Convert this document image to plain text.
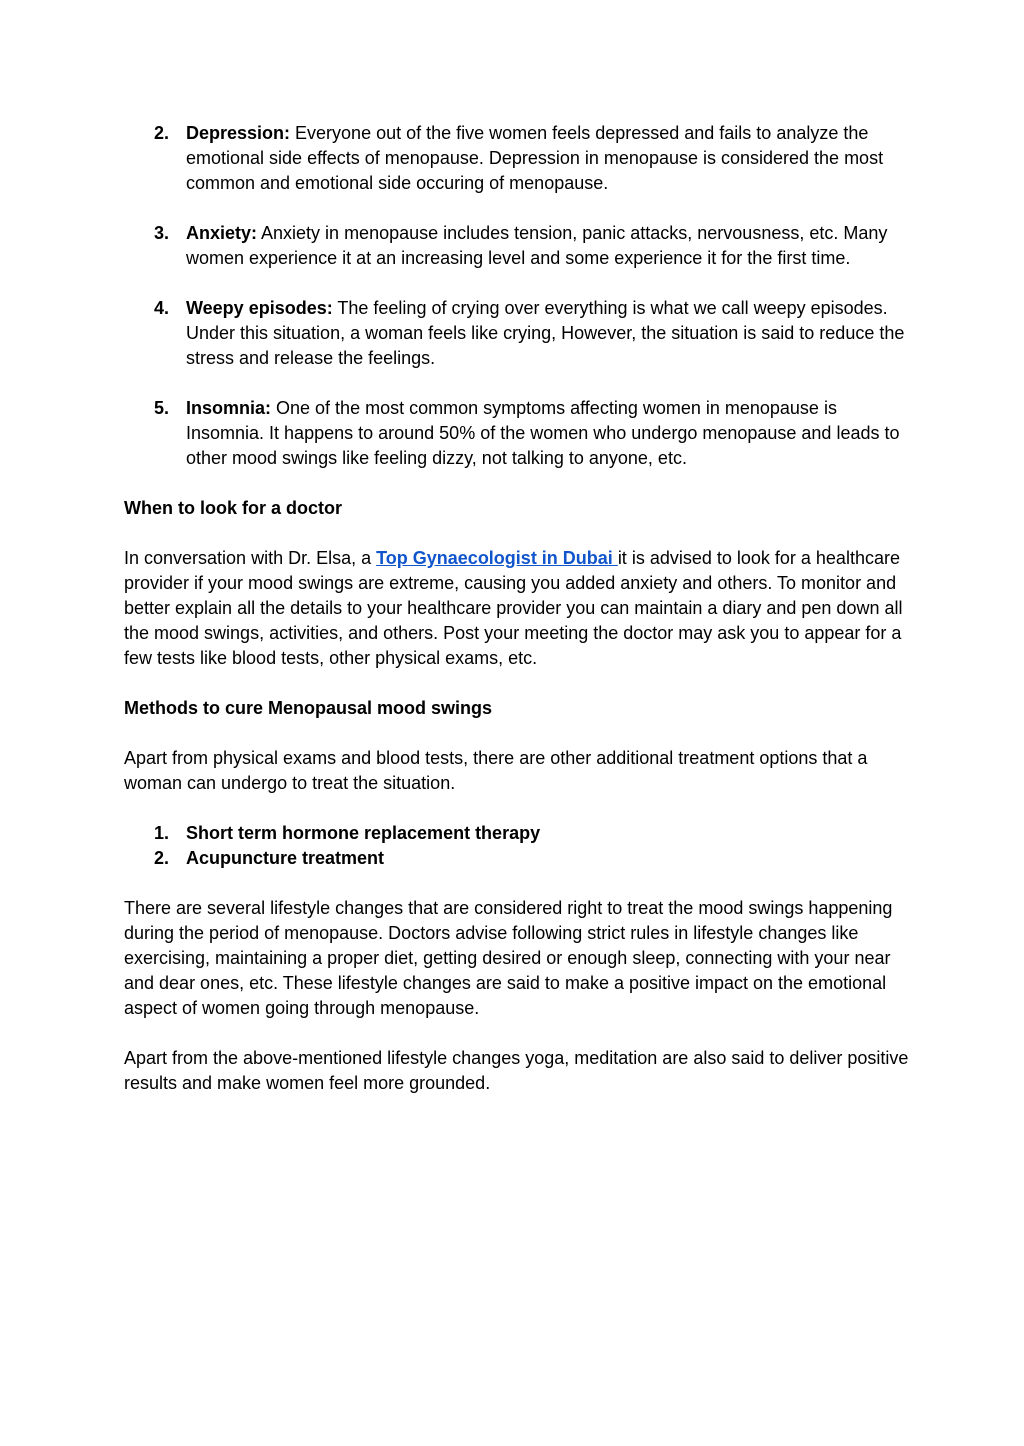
2. Depression: Everyone out of the five women feels depressed and fails to analyze the emotional side effects of menopause. Depression in menopause is considered the most common and emotional side occuring of menopause.
3. Anxiety: Anxiety in menopause includes tension, panic attacks, nervousness, etc. Many women experience it at an increasing level and some experience it for the first time.
4. Weepy episodes: The feeling of crying over everything is what we call weepy episodes. Under this situation, a woman feels like crying, However, the situation is said to reduce the stress and release the feelings.
5. Insomnia: One of the most common symptoms affecting women in menopause is Insomnia. It happens to around 50% of the women who undergo menopause and leads to other mood swings like feeling dizzy, not talking to anyone, etc.

When to look for a doctor

In conversation with Dr. Elsa, a Top Gynaecologist in Dubai it is advised to look for a healthcare provider if your mood swings are extreme, causing you added anxiety and others. To monitor and better explain all the details to your healthcare provider you can maintain a diary and pen down all the mood swings, activities, and others. Post your meeting the doctor may ask you to appear for a few tests like blood tests, other physical exams, etc.

Methods to cure Menopausal mood swings

Apart from physical exams and blood tests, there are other additional treatment options that a woman can undergo to treat the situation.

1. Short term hormone replacement therapy
2. Acupuncture treatment

There are several lifestyle changes that are considered right to treat the mood swings happening during the period of menopause. Doctors advise following strict rules in lifestyle changes like exercising, maintaining a proper diet, getting desired or enough sleep, connecting with your near and dear ones, etc. These lifestyle changes are said to make a positive impact on the emotional aspect of women going through menopause.

Apart from the above-mentioned lifestyle changes yoga, meditation are also said to deliver positive results and make women feel more grounded.
